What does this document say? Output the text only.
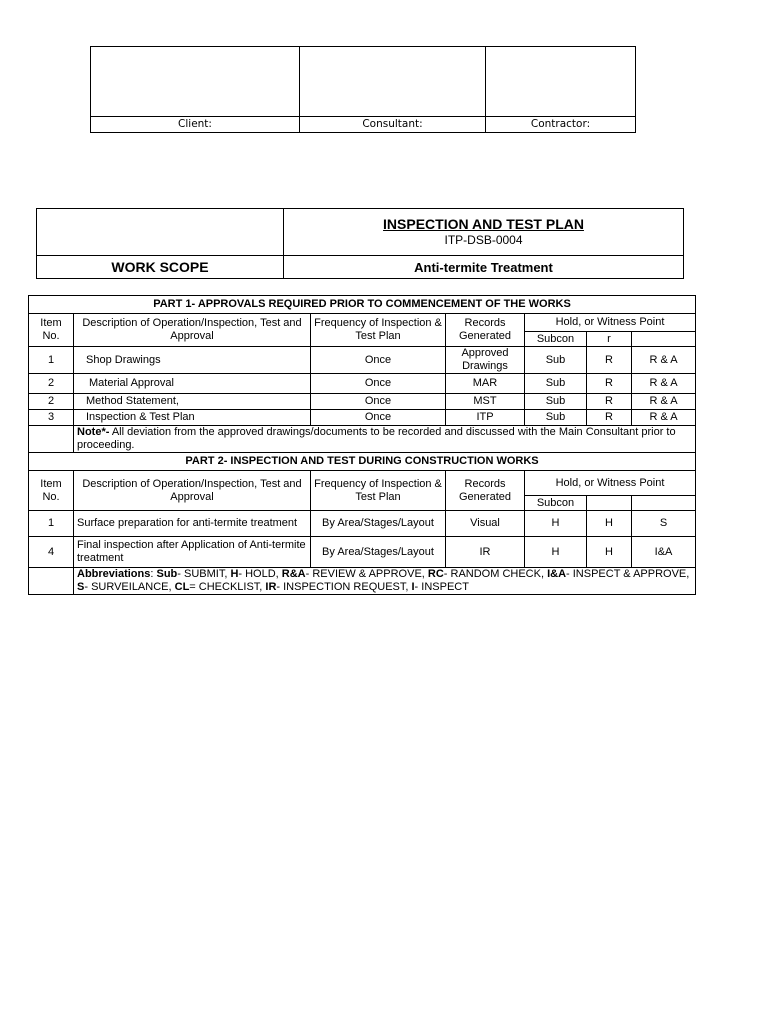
Client:	Consultant:	Contractor:

	INSPECTION AND TEST PLAN
ITP-DSB-0004

WORK SCOPE	Anti-termite Treatment
PART 1- APPROVALS REQUIRED PRIOR TO COMMENCEMENT OF THE WORKS						
Item No.	Description of Operation/Inspection, Test and Approval	Frequency of Inspection & Test Plan	Records Generated	Hold, or Witness Point		
				Subcon	r	
1	Shop Drawings	Once	Approved Drawings	Sub	R	R & A
2	Material Approval	Once	MAR	Sub	R	R & A
2	Method Statement,	Once	MST	Sub	R	R & A
3	Inspection & Test Plan	Once	ITP	Sub	R	R & A
	Note*- All deviation from the approved drawings/documents to be recorded and discussed with the Main Consultant prior to proceeding.					
PART 2- INSPECTION AND TEST DURING CONSTRUCTION WORKS						
Item No.	Description of Operation/Inspection, Test and Approval	Frequency of Inspection & Test Plan	Records Generated	Hold, or Witness Point		
				Subcon		
1	Surface preparation for anti-termite treatment	By Area/Stages/Layout	Visual	H	H	S
4	Final inspection after Application of Anti-termite treatment	By Area/Stages/Layout	IR	H	H	I&A
	Abbreviations: Sub- SUBMIT, H- HOLD, R&A- REVIEW & APPROVE, RC- RANDOM CHECK, I&A- INSPECT & APPROVE, S- SURVEILANCE, CL= CHECKLIST, IR- INSPECTION REQUEST, I- INSPECT					
